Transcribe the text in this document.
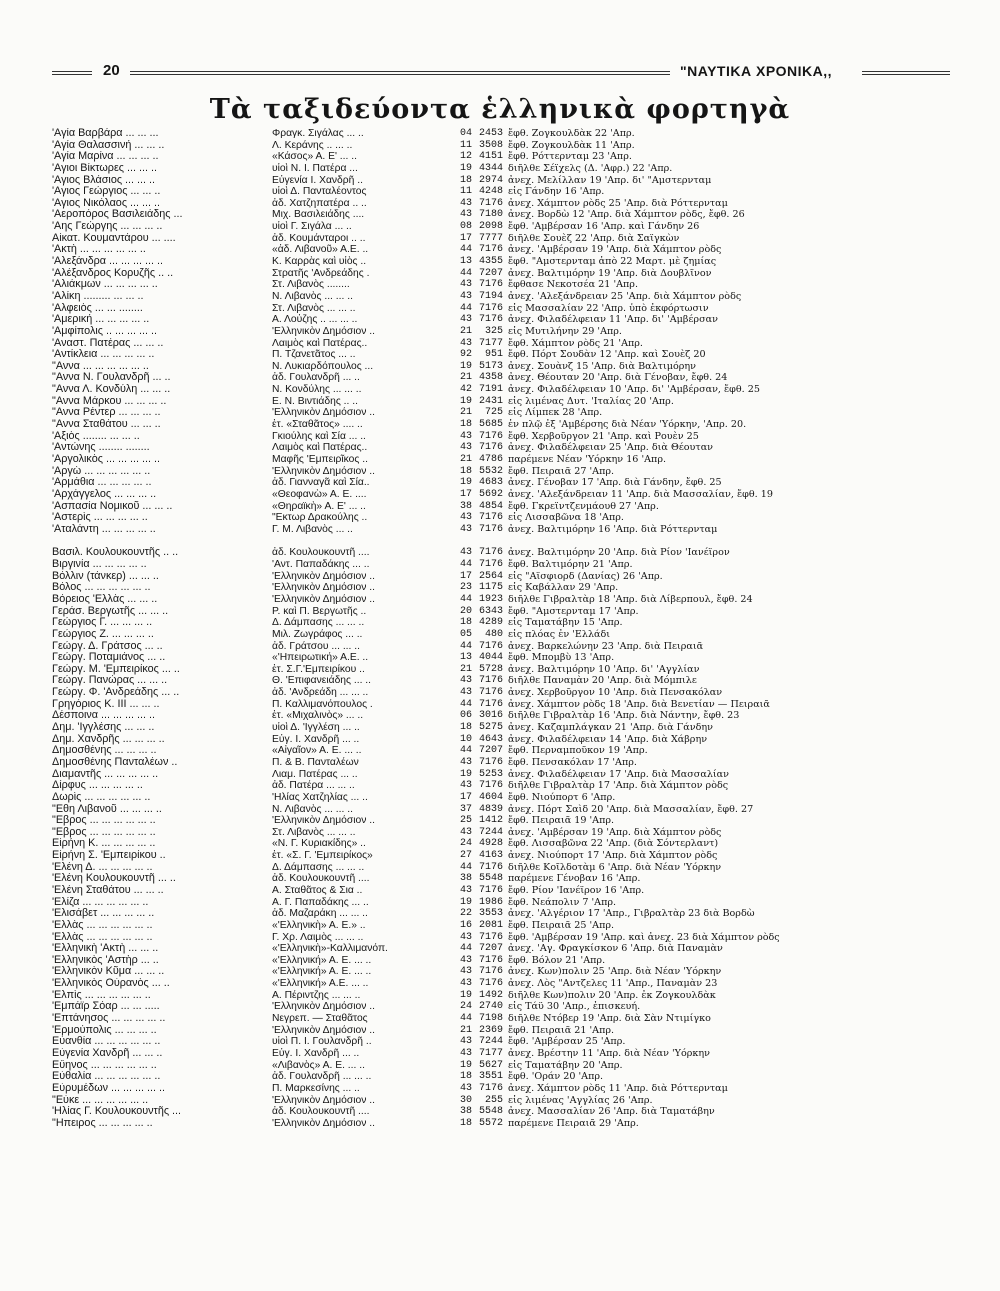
20	"ΝΑΥΤΙΚΑ ΧΡΟΝΙΚΑ,,
Τὰ ταξιδεύοντα ἑλληνικὰ φορτηγὰ
'Αγία Βαρβάρα ... ... ...	Φραγκ. Σιγάλας ... ..	04 2453 ἔφθ. Ζογκουλδὰκ 22 'Απρ.
'Αγία Θαλασσινή ... ... ..	Λ. Κεράνης .. ... ..	11 3508 ἔφθ. Ζογκουλδὰκ 11 'Απρ.
'Αγία Μαρίνα ... ... ... ..	«Κάσος» Α. Ε' ... ..	12 4151 ἔφθ. Ρόττερνταμ 23 'Απρ.
'Αγιοι Βίκτωρες ... ... ..	υἱοὶ Ν. Ι. Πατέρα ...	19 4344 διῆλθε Σέϊχελς (Δ. 'Αφρ.) 22 'Απρ.
'Αγιος Βλάσιος ... ... ..	Εὐγενία Ι. Χανδρῆ ..	18 2974 ἀνεχ. Μελίλλαν 19 'Απρ. δι' "Αμστερνταμ
'Αγιος Γεώργιος ... ... ..	υἱοὶ Δ. Πανταλέοντος	11 4248 εἰς Γάνδην 16 'Απρ.
'Αγιος Νικόλαος ... ... ..	ἀδ. Χατζηπατέρα .. ..	43 7176 ἀνεχ. Χάμπτον ρὸδς 25 'Απρ. διὰ Ρόττερνταμ
'Αεροπόρος Βασιλειάδης ...	Μιχ. Βασιλειάδης ....	43 7180 ἀνεχ. Βορδὼ 12 'Απρ. διὰ Χάμπτον ρὸδς, ἔφθ. 26
'Αης Γεώργης ... ... ... ..	υἱοὶ Γ. Σιγάλα ... ..	08 2098 ἔφθ. 'Αμβέρσαν 16 'Απρ. καὶ Γάνδην 26
Αἰκατ. Κουμαντάρου ... ....	ἀδ. Κουμάνταροι .. ..	17 7777 διῆλθε Σουὲζ 22 'Απρ. διὰ Σαϊγκὼν
'Ακτὴ ... ... ... ... ... ..	«ἀδ. Λιβανοῦ» Α.Ε. ..	44 7176 ἀνεχ. 'Αμβέρσαν 19 'Απρ. διὰ Χάμπτον ρὸδς
'Αλεξάνδρα ... ... ... ... ..	Κ. Καρρὰς καὶ υἱὸς ..	13 4355 ἔφθ. "Αμστερνταμ ἀπὸ 22 Μαρτ. μὲ ζημίας
'Αλέξανδρος Κορυζῆς .. ..	Στρατῆς 'Ανδρεάδης .	44 7207 ἀνεχ. Βαλτιμόρην 19 'Απρ. διὰ Δουβλῖνον
'Αλιάκμων ... ... ... ... ..	Στ. Λιβανὸς ........	43 7176 ἔφθασε Νεκοτσέα 21 'Απρ.
'Αλίκη ......... ... ... ..	Ν. Λιβανὸς ... ... ..	43 7194 ἀνεχ. 'Αλεξάνδρειαν 25 'Απρ. διὰ Χάμπτον ρὸδς
'Αλφειὸς ... ... ........	Στ. Λιβανὸς ... ... ..	44 7176 εἰς Μασσαλίαν 22 'Απρ. ὑπὸ ἐκφόρτωσιν
'Αμερική ... ... ... ... ..	Α. Λοὐζης .. ... ... ..	43 7176 ἀνεχ. Φιλαδέλφειαν 11 'Απρ. δι' 'Αμβέρσαν
'Αμφίπολις .. ... ... ... ..	'Ελληνικὸν Δημόσιον ..	21	325 εἰς Μυτιλήνην 29 'Απρ.
'Αναστ. Πατέρας ... ... ..	Λαιμὸς καὶ Πατέρας..	43 7177 ἔφθ. Χάμπτον ρὸδς 21 'Απρ.
'Αντίκλεια ... ... ... ... ..	Π. Τζανετᾶτος ... ..	92	951 ἔφθ. Πόρτ Σουδὰν 12 'Απρ. καὶ Σουὲζ 20
"Αννα ... ... ... ... ... ..	Ν. Λυκιαρδόπουλος ...	19 5173 ἀνεχ. Σουὰνζ 15 'Απρ. διὰ Βαλτιμόρην
"Αννα Ν. Γουλανδρῆ ... ..	ἀδ. Γουλανδρῆ ... ..	21 4358 ἀνεχ. Θέουταν 20 'Απρ. διὰ Γένοβαν, ἔφθ. 24
"Αννα Λ. Κονδύλη ... ... ..	Ν. Κονδύλης ... ... ..	42 7191 ἀνεχ. Φιλαδέλφειαν 10 'Απρ. δι' 'Αμβέρσαν, ἔφθ. 25
"Αννα Μάρκου ... ... ... ..	Ε. Ν. Βιντιάδης .. ..	19 2431 εἰς λιμένας Δυτ. 'Ιταλίας 20 'Απρ.
"Αννα Ρέντερ ... ... ... ..	'Ελληνικὸν Δημόσιον ..	21	725 εἰς Λίμπεκ 28 'Απρ.
"Αννα Σταθάτου ... ... ..	ἑτ. «Σταθᾶτος» .... ..	18 5685 ἐν πλῷ ἐξ 'Αμβέρσης διὰ Νέαν 'Υόρκην, 'Απρ. 20.
'Αξιὸς ........ ... ... ..	Γκιούλης καὶ Σία ... ..	43 7176 ἔφθ. Χερβοῦργον 21 'Απρ. καὶ Ρουὲν 25
'Αντώνης ........ ........	Λαιμὸς καὶ Πατέρας..	43 7176 ἀνεχ. Φιλαδέλφειαν 25 'Απρ. διὰ Θέουταν
'Αργολικὸς ... ... ... ... ..	Μαφῆς 'Εμπειρῖκος ..	21 4786 παρέμενε Νέαν 'Υόρκην 16 'Απρ.
'Αργὼ ... ... ... ... ... ..	'Ελληνικὸν Δημόσιον ..	18 5532 ἔφθ. Πειραιᾶ 27 'Απρ.
'Αρμάθια ... ... ... ... ..	ἀδ. Γιανναγᾶ καὶ Σία..	19 4683 ἀνεχ. Γένοβαν 17 'Απρ. διὰ Γάνδην, ἔφθ. 25
'Αρχάγγελος ... ... ... ..	«Θεοφανὼ» Α. Ε. ....	17 5692 ἀνεχ. 'Αλεξάνδρειαν 11 'Απρ. διὰ Μασσαλίαν, ἔφθ. 19
'Ασπασία Νομικοῦ ... ... ..	«Θηραϊκὴ» Α. Ε' ... ..	38 4854 ἔφθ. Γκρεϊντζενμάουθ 27 'Απρ.
'Αστερὶς ... ... ... ... ..	"Εκτωρ Δρακούλης ..	43 7176 εἰς Λισσαβῶνα 18 'Απρ.
'Αταλάντη ... ... ... ... ..	Γ. Μ. Λιβανὸς ... ..	43 7176 ἀνεχ. Βαλτιμόρην 16 'Απρ. διὰ Ρόττερνταμ
Βασιλ. Κουλουκουντῆς .. ..	ἀδ. Κουλουκουντῆ ....	43 7176 ἀνεχ. Βαλτιμόρην 20 'Απρ. διὰ Ρίον 'Ιανέϊρον
Βιργινία ... ... ... ... ..	'Αντ. Παπαδάκης ... ..	44 7176 ἔφθ. Βαλτιμόρην 21 'Απρ.
Βόλλιν (τάνκερ) ... ... ..	'Ελληνικὸν Δημόσιον ..	17 2564 εἰς "Αϊσφιορδ (Δανίας) 26 'Απρ.
Βόλος ... ... ... ... ... ..	'Ελληνικὸν Δημόσιον ..	23 1175 εἰς Καβάλλαν 29 'Απρ.
Βόρειος 'Ελλὰς ... ... ..	'Ελληνικὸν Δημόσιον ..	44 1923 διῆλθε Γιβραλτὰρ 18 'Απρ. διὰ Λίβερπουλ, ἔφθ. 24
Γεράσ. Βεργωτῆς ... ... ..	Ρ. καὶ Π. Βεργωτῆς ..	20 6343 ἔφθ. "Αμστερνταμ 17 'Απρ.
Γεώργιος Γ. ... ... ... ..	Δ. Δάμπασης ... ... ..	18 4289 εἰς Ταματάβην 15 'Απρ.
Γεώργιος Ζ. ... ... ... ..	Μιλ. Ζωγράφος ... ..	05	480 εἰς πλόας ἐν 'Ελλάδι
Γεώργ. Δ. Γράτσος ... ..	ἀδ. Γράτσου ... ... ..	44 7176 ἀνεχ. Βαρκελώνην 23 'Απρ. διὰ Πειραιᾶ
Γεώργ. Ποταμιάνος ... ..	«'Ηπειρωτική» Α.Ε. ..	13 4044 ἔφθ. Μπομβὺ 13 'Απρ.
Γεώργ. Μ. 'Εμπειρίκος ... ..	ἑτ. Σ.Γ.'Εμπειρίκου ..	21 5728 ἀνεχ. Βαλτιμόρην 10 'Απρ. δι' 'Αγγλίαν
Γεώργ. Πανώρας ... ... ..	Θ. 'Επιφανειάδης ... ..	43 7176 διῆλθε Παναμὰν 20 'Απρ. διὰ Μόμπιλε
Γεώργ. Φ. 'Ανδρεάδης ... ..	ἀδ. 'Ανδρεάδη ... ... ..	43 7176 ἀνεχ. Χερβοῦργον 10 'Απρ. διὰ Πενσακόλαν
Γρηγόριος Κ. ΙΙΙ ... ... ..	Π. Καλλιμανόπουλος .	44 7176 ἀνεχ. Χάμπτον ρὸδς 18 'Απρ. διὰ Βενετίαν — Πειραιᾶ
Δέσποινα ... ... ... ... ..	ἑτ. «Μιχαλινὸς» ... ..	06 3016 διῆλθε Γιβραλτὰρ 16 'Απρ. διὰ Νάντην, ἔφθ. 23
Δημ. 'Ιγγλέσης ... ... ..	υἱοὶ Δ. 'Ιγγλέση ... ..	18 5275 ἀνεχ. Καζαμπλάγκαν 21 'Απρ. διὰ Γάνδην
Δημ. Χανδρῆς ... ... ... ..	Εὐγ. Ι. Χανδρῆ ... ..	10 4643 ἀνεχ. Φιλαδέλφειαν 14 'Απρ. διὰ Χάβρην
Δημοσθένης ... ... ... ..	«Αἰγαῖον» Α. Ε. ... ..	44 7207 ἔφθ. Περναμποῦκον 19 'Απρ.
Δημοσθένης Πανταλέων ..	Π. & Β. Πανταλέων	43 7176 ἔφθ. Πενσακόλαν 17 'Απρ.
Διαμαντῆς ... ... ... ... ..	Λιαμ. Πατέρας ... ..	19 5253 ἀνεχ. Φιλαδέλφειαν 17 'Απρ. διὰ Μασσαλίαν
Δίρφυς ... ... ... ... ..	ἀδ. Πατέρα ... ... ..	43 7176 διῆλθε Γιβραλτὰρ 17 'Απρ. διὰ Χάμπτον ρὸδς
Δωρὶς ... ... ... ... ... ..	'Ηλίας Χατζηλίας ... ..	17 4604 ἔφθ. Νιούπορτ 6 'Απρ.
"Εθη Λιβανοῦ ... ... ... ..	Ν. Λιβανὸς ... ... ..	37 4839 ἀνεχ. Πόρτ Σαὶδ 20 'Απρ. διὰ Μασσαλίαν, ἔφθ. 27
"Εβρος ... ... ... ... ... ..	'Ελληνικὸν Δημόσιον ..	25 1412 ἔφθ. Πειραιᾶ 19 'Απρ.
"Εβρος ... ... ... ... ... ..	Στ. Λιβανὸς ... ... ..	43 7244 ἀνεχ. 'Αμβέρσαν 19 'Απρ. διὰ Χάμπτον ρὸδς
Εἰρήνη Κ. ... ... ... ... ..	«Ν. Γ. Κυριακίδης» ..	24 4928 ἔφθ. Λισσαβῶνα 22 'Απρ. (διὰ Σόντερλαντ)
Εἰρήνη Σ. 'Εμπειρίκου ..	ἑτ. «Σ. Γ. 'Εμπειρίκος»	27 4163 ἀνεχ. Νιούπορτ 17 'Απρ. διὰ Χάμπτον ρὸδς
'Ελένη Δ. ... ... ... ... ..	Δ. Δάμπασης ... ... ..	44 7176 διῆλθε Κοῖλδοτὰμ 6 'Απρ. διὰ Νέαν 'Υόρκην
'Ελένη Κουλουκουντῆ ... ..	ἀδ. Κουλουκουντῆ ....	38 5548 παρέμενε Γένοβαν 16 'Απρ.
'Ελένη Σταθάτου ... ... ..	Α. Σταθᾶτος & Σια ..	43 7176 ἔφθ. Ρίον 'Ιανέϊρον 16 'Απρ.
'Ελίζα ... ... ... ... ... ..	Α. Γ. Παπαδάκης ... ..	19 1986 ἔφθ. Νεάπολιν 7 'Απρ.
'Ελισάβετ ... ... ... ... ..	ἀδ. Μαζαράκη ... ... ..	22 3553 ἀνεχ. 'Αλγέριον 17 'Απρ., Γιβραλτὰρ 23 διὰ Βορδὼ
'Ελλὰς ... ... ... ... ... ..	«'Ελληνικὴ» Α. Ε.» ..	16 2081 ἔφθ. Πειραιᾶ 25 'Απρ.
'Ελλὰς ... ... ... ... ... ..	Γ. Χρ. Λαιμὸς ... ... ..	43 7176 ἔφθ. 'Αμβέρσαν 19 'Απρ. καὶ ἀνεχ. 23 διὰ Χάμπτον ρὸδς
'Ελληνικὴ 'Ακτὴ ... ... ..	«'Ελληνικὴ»-Καλλιμανόπ.	44 7207 ἀνεχ. 'Αγ. Φραγκίσκον 6 'Απρ. διὰ Παναμὰν
'Ελληνικὸς 'Αστὴρ ... ..	«'Ελληνική» Α. Ε. ... ..	43 7176 ἔφθ. Βόλον 21 'Απρ.
'Ελληνικὸν Κῦμα ... ... ..	«'Ελληνική» Α. Ε. ... ..	43 7176 ἀνεχ. Κων)πολιν 25 'Απρ. διὰ Νέαν 'Υόρκην
'Ελληνικὸς Οὐρανὸς ... ..	«'Ελληνική» Α.Ε. ... ..	43 7176 ἀνεχ. Λὸς "Αντζελες 11 'Απρ., Παναμὰν 23
'Ελπὶς ... ... ... ... ... ..	Α. Πέριντζης ... ... ..	19 1492 διῆλθε Κων)πολιν 20 'Απρ. ἐκ Ζογκουλδὰκ
'Εμπάϊρ Σόαρ ... ... .....	'Ελληνικὸν Δημόσιον ..	24 2740 εἰς Τάϋ 30 'Απρ., ἐπισκευή.
'Επτάνησος ... ... ... ... ..	Νεγρεπ. — Σταθᾶτος	44 7198 διῆλθε Ντόβερ 19 'Απρ. διὰ Σὰν Ντιμίγκο
'Ερμούπολις ... ... ... ..	'Ελληνικὸν Δημόσιον ..	21 2369 ἔφθ. Πειραιᾶ 21 'Απρ.
Εὐανθία ... ... ... ... ... ..	υἱοὶ Π. Ι. Γουλανδρῆ ..	43 7244 ἔφθ. 'Αμβέρσαν 25 'Απρ.
Εὐγενία Χανδρῆ ... ... ..	Εὐγ. Ι. Χανδρῆ ... ..	43 7177 ἀνεχ. Βρέστην 11 'Απρ. διὰ Νέαν 'Υόρκην
Εὔηνος ... ... ... ... ... ..	«Λιβανὸς» Α. Ε. ... ..	19 5627 εἰς Ταματάβην 20 'Απρ.
Εὐθαλία ... ... ... ... ... ..	ἀδ. Γουλανδρῆ ... ... ..	18 3551 ἔφθ. 'Οράν 20 'Απρ.
Εὐρυμέδων ... ... ... ... ..	Π. Μαρκεσίνης ... ..	43 7176 ἀνεχ. Χάμπτον ρὸδς 11 'Απρ. διὰ Ρόττερνταμ
"Εὐκε ... ... ... ... ... ..	'Ελληνικὸν Δημόσιον ..	30	255 εἰς λιμένας 'Αγγλίας 26 'Απρ.
'Ηλίας Γ. Κουλουκουντῆς ...	ἀδ. Κουλουκουντῆ ....	38 5548 ἀνεχ. Μασσαλίαν 26 'Απρ. διὰ Ταματάβην
"Ηπειρος ... ... ... ... ..	'Ελληνικὸν Δημόσιον ..	18 5572 παρέμενε Πειραιᾶ 29 'Απρ.
